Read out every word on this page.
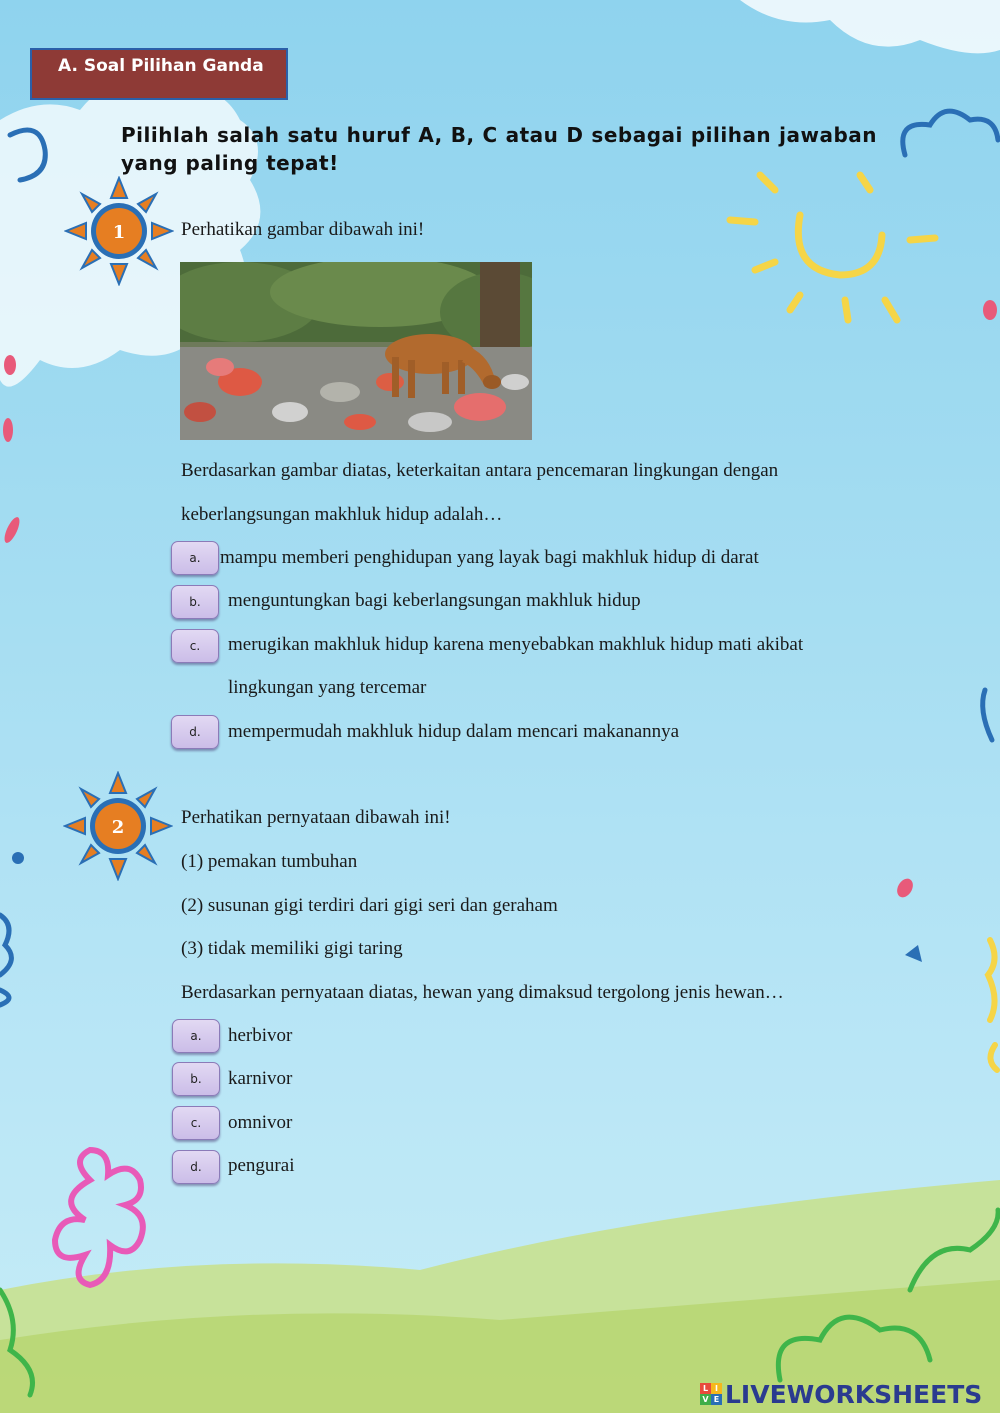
A. Soal Pilihan Ganda
Pilihlah salah satu huruf A, B, C atau D sebagai pilihan jawaban yang paling tepat!
1	Perhatikan gambar dibawah ini!
Berdasarkan gambar diatas, keterkaitan antara pencemaran lingkungan dengan
keberlangsungan makhluk hidup adalah…
a.	mampu memberi penghidupan yang layak bagi makhluk hidup di darat
b.	menguntungkan bagi keberlangsungan makhluk hidup
c.	merugikan makhluk hidup karena menyebabkan makhluk hidup mati akibat
lingkungan yang tercemar
d.	mempermudah makhluk hidup dalam mencari makanannya
2	Perhatikan pernyataan dibawah ini!
(1) pemakan tumbuhan
(2) susunan gigi terdiri dari gigi seri dan geraham
(3) tidak memiliki gigi taring
Berdasarkan pernyataan diatas, hewan yang dimaksud tergolong jenis hewan…
a.	herbivor
b.	karnivor
c.	omnivor
d.	pengurai
L I
V E LIVEWORKSHEETS
